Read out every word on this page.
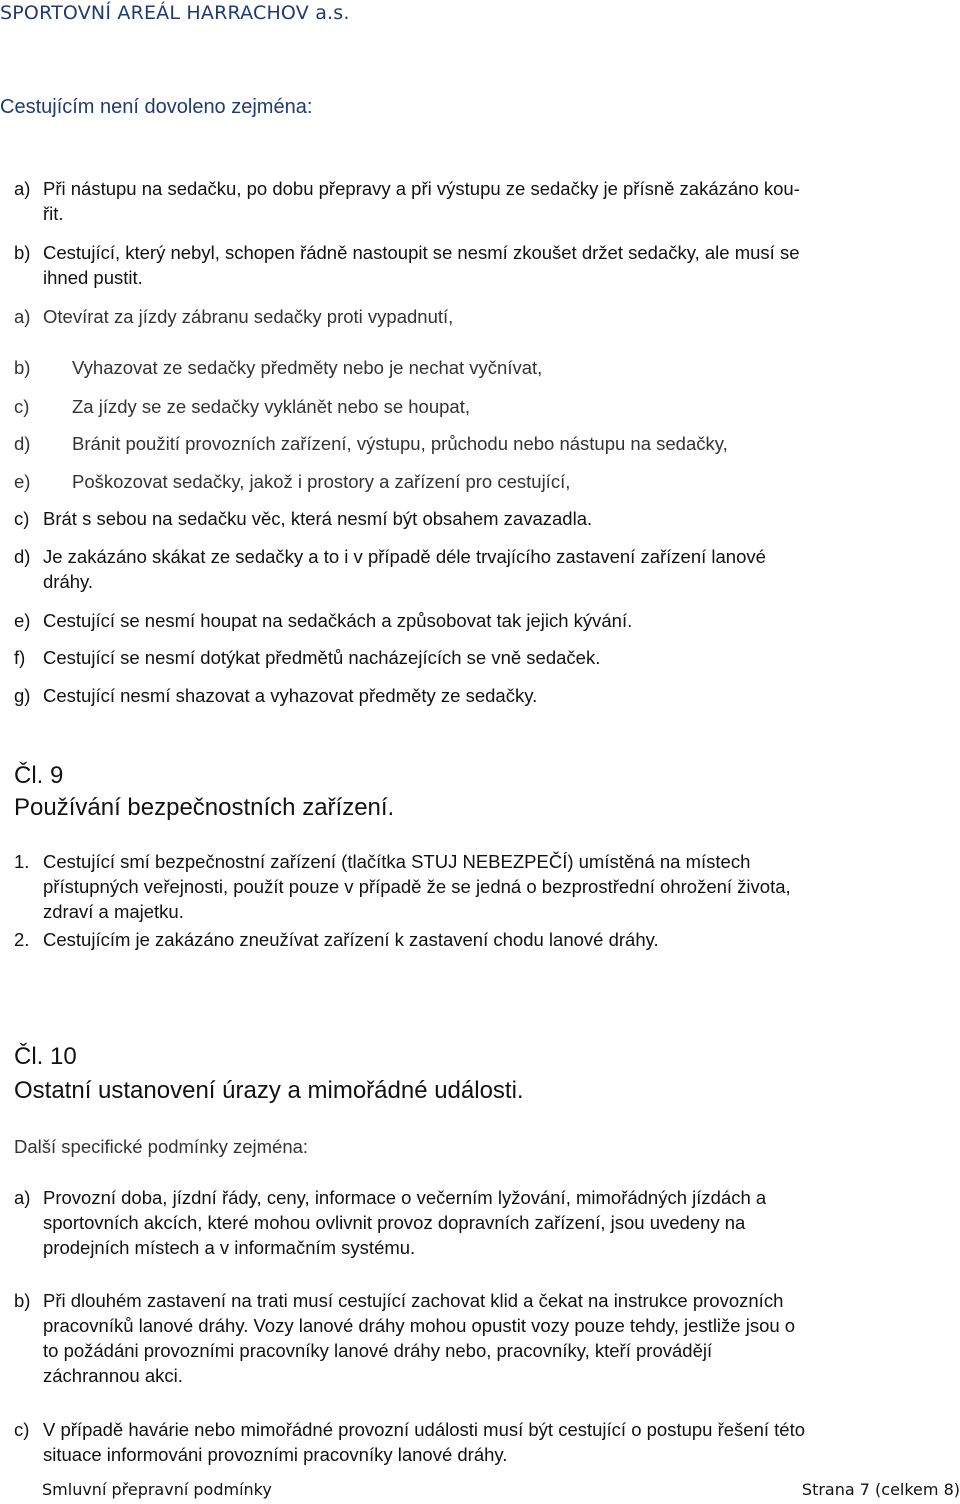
SPORTOVNÍ AREÁL HARRACHOV a.s.
Cestujícím není dovoleno zejména:
a) Při nástupu na sedačku, po dobu přepravy a při výstupu ze sedačky je přísně zakázáno kou-
řit.
b) Cestující, který nebyl, schopen řádně nastoupit se nesmí zkoušet držet sedačky, ale musí se
ihned pustit.
a) Otevírat za jízdy zábranu sedačky proti vypadnutí,
b)	Vyhazovat ze sedačky předměty nebo je nechat vyčnívat,
c)	Za jízdy se ze sedačky vyklánět nebo se houpat,
d)	Bránit použití provozních zařízení, výstupu, průchodu nebo nástupu na sedačky,
e)	Poškozovat sedačky, jakož i prostory a zařízení pro cestující,
c) Brát s sebou na sedačku věc, která nesmí být obsahem zavazadla.
d) Je zakázáno skákat ze sedačky a to i v případě déle trvajícího zastavení zařízení lanové
dráhy.
e) Cestující se nesmí houpat na sedačkách a způsobovat tak jejich kývání.
f) Cestující se nesmí dotýkat předmětů nacházejících se vně sedaček.
g) Cestující nesmí shazovat a vyhazovat předměty ze sedačky.
Čl. 9
Používání bezpečnostních zařízení.
1. Cestující smí bezpečnostní zařízení (tlačítka STUJ NEBEZPEČÍ) umístěná na místech
přístupných veřejnosti, použít pouze v případě že se jedná o bezprostřední ohrožení života,
zdraví a majetku.
2. Cestujícím je zakázáno zneužívat zařízení k zastavení chodu lanové dráhy.
Čl. 10
Ostatní ustanovení úrazy a mimořádné události.
Další specifické podmínky zejména:
a) Provozní doba, jízdní řády, ceny, informace o večerním lyžování, mimořádných jízdách a
sportovních akcích, které mohou ovlivnit provoz dopravních zařízení, jsou uvedeny na
prodejních místech a v informačním systému.
b) Při dlouhém zastavení na trati musí cestující zachovat klid a čekat na instrukce provozních
pracovníků lanové dráhy. Vozy lanové dráhy mohou opustit vozy pouze tehdy, jestliže jsou o
to požádáni provozními pracovníky lanové dráhy nebo, pracovníky, kteří provádějí
záchrannou akci.
c) V případě havárie nebo mimořádné provozní události musí být cestující o postupu řešení této
situace informováni provozními pracovníky lanové dráhy.
Smluvní přepravní podmínky	Strana 7 (celkem 8)
